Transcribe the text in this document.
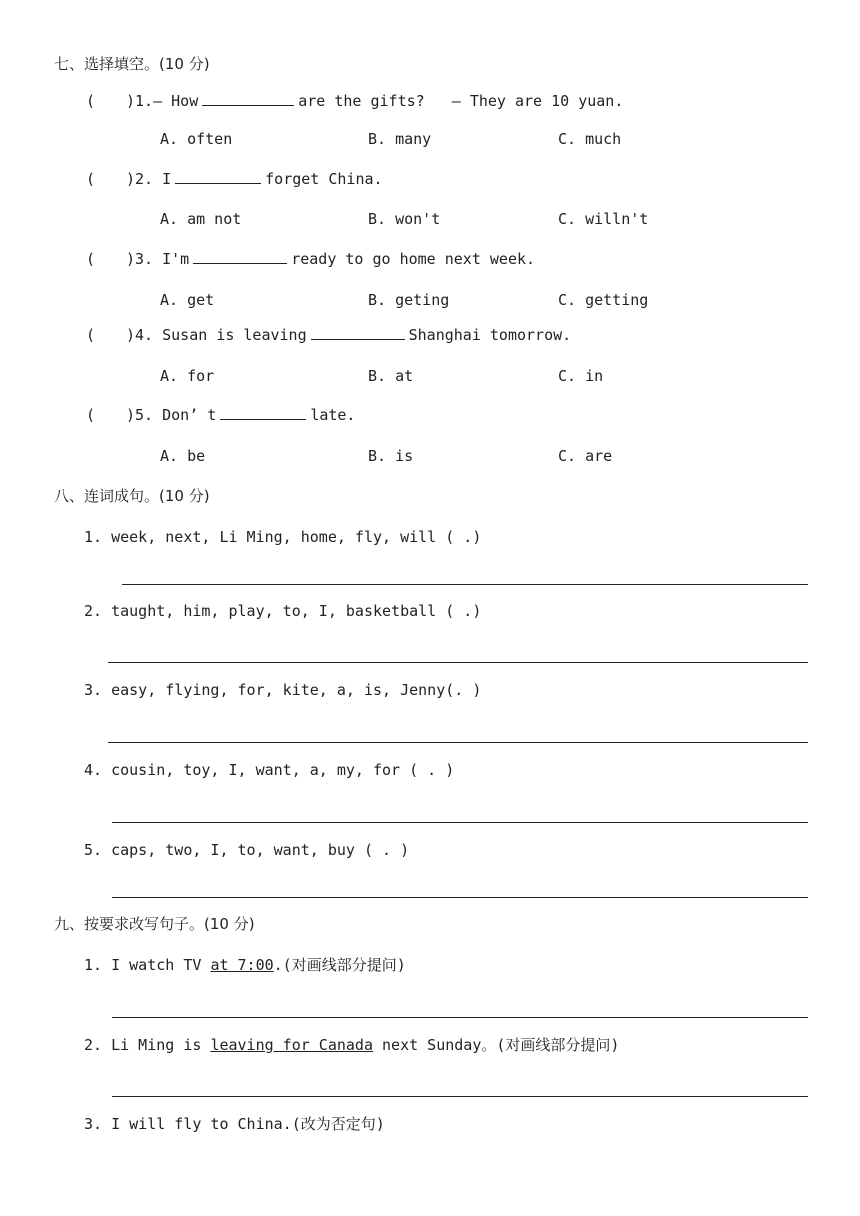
七、选择填空。(10 分)
( )1.— How	are the gifts?   — They are 10 yuan.
A. often	B. many	C. much
( )2. I	forget China.
A. am not	B. won't	C. willn't
( )3. I'm	ready to go home next week.
A. get	B. geting	C. getting
( )4. Susan is leaving	Shanghai tomorrow.
A. for	B. at	C. in
( )5. Don’ t	late.
A. be	B. is	C. are
八、连词成句。(10 分)
1. week, next, Li Ming, home, fly, will ( .)
2. taught, him, play, to, I, basketball ( .)
3. easy, flying, for, kite, a, is, Jenny(. )
4. cousin, toy, I, want, a, my, for ( . )
5. caps, two, I, to, want, buy ( . )
九、按要求改写句子。(10 分)
1. I watch TV at 7:00.(对画线部分提问)
2. Li Ming is leaving for Canada next Sunday。(对画线部分提问)
3. I will fly to China.(改为否定句)
